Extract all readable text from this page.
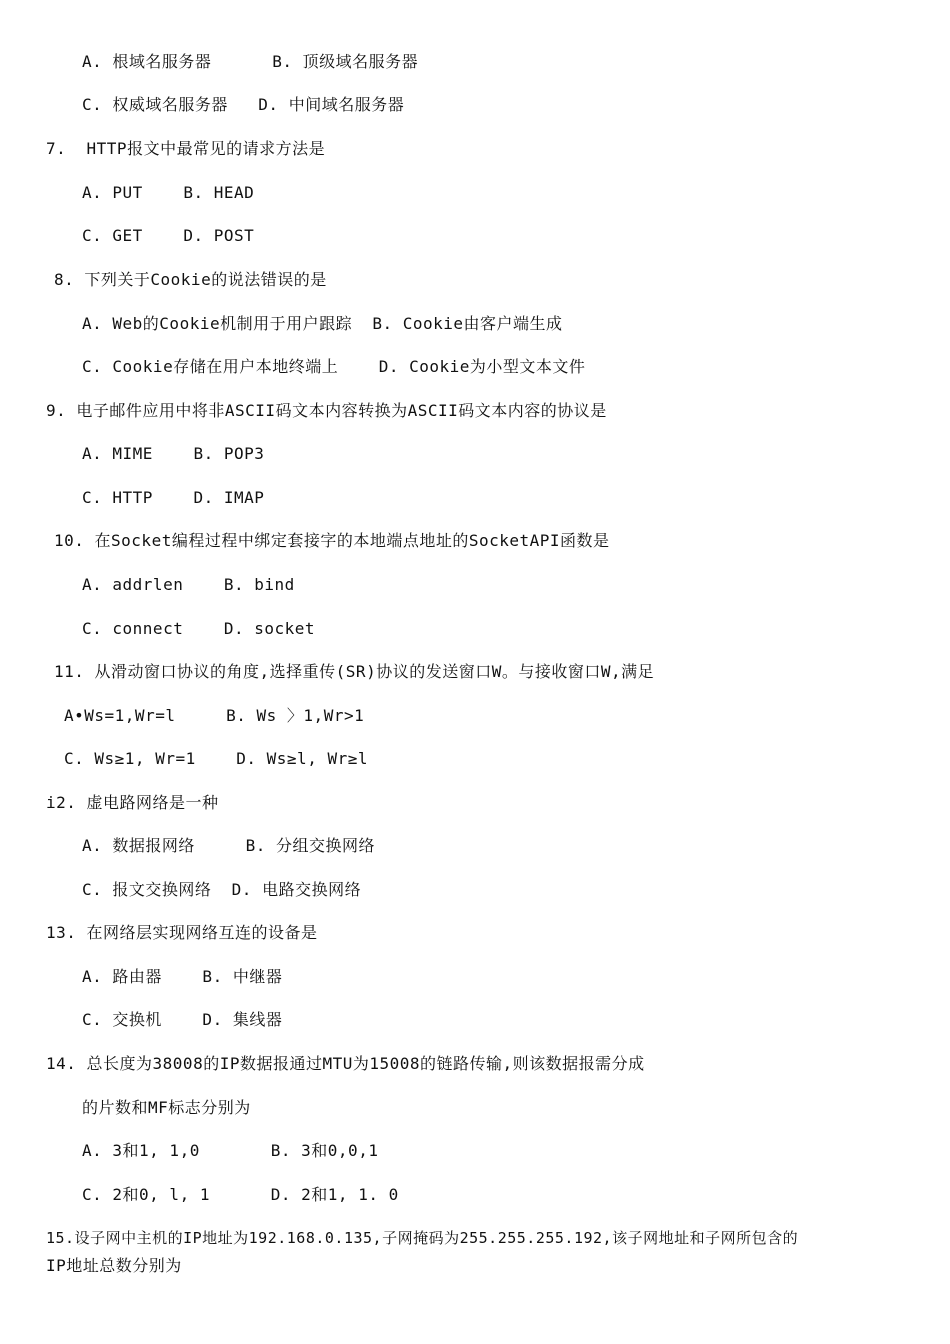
A. 根域名服务器      B. 顶级域名服务器
C. 权威域名服务器   D. 中间域名服务器
7.  HTTP报文中最常见的请求方法是
A. PUT    B. HEAD
C. GET    D. POST
8. 下列关于Cookie的说法错误的是
A. Web的Cookie机制用于用户跟踪  B. Cookie由客户端生成
C. Cookie存储在用户本地终端上    D. Cookie为小型文本文件
9. 电子邮件应用中将非ASCII码文本内容转换为ASCII码文本内容的协议是
A. MIME    B. POP3
C. HTTP    D. IMAP
10. 在Socket编程过程中绑定套接字的本地端点地址的SocketAPI函数是
A. addrlen    B. bind
C. connect    D. socket
11. 从滑动窗口协议的角度,选择重传(SR)协议的发送窗口W。与接收窗口W,满足
A•Ws=1,Wr=l     B. Ws 〉1,Wr>1
C. Ws≥1, Wr=1    D. Ws≥l, Wr≥l
i2. 虚电路网络是一种
A. 数据报网络     B. 分组交换网络
C. 报文交换网络  D. 电路交换网络
13. 在网络层实现网络互连的设备是
A. 路由器    B. 中继器
C. 交换机    D. 集线器
14. 总长度为38008的IP数据报通过MTU为15008的链路传输,则该数据报需分成
的片数和MF标志分别为
A. 3和1, 1,0       B. 3和0,0,1
C. 2和0, l, 1      D. 2和1, 1. 0
15.设子网中主机的IP地址为192.168.0.135,子网掩码为255.255.255.192,该子网地址和子网所包含的
IP地址总数分别为
